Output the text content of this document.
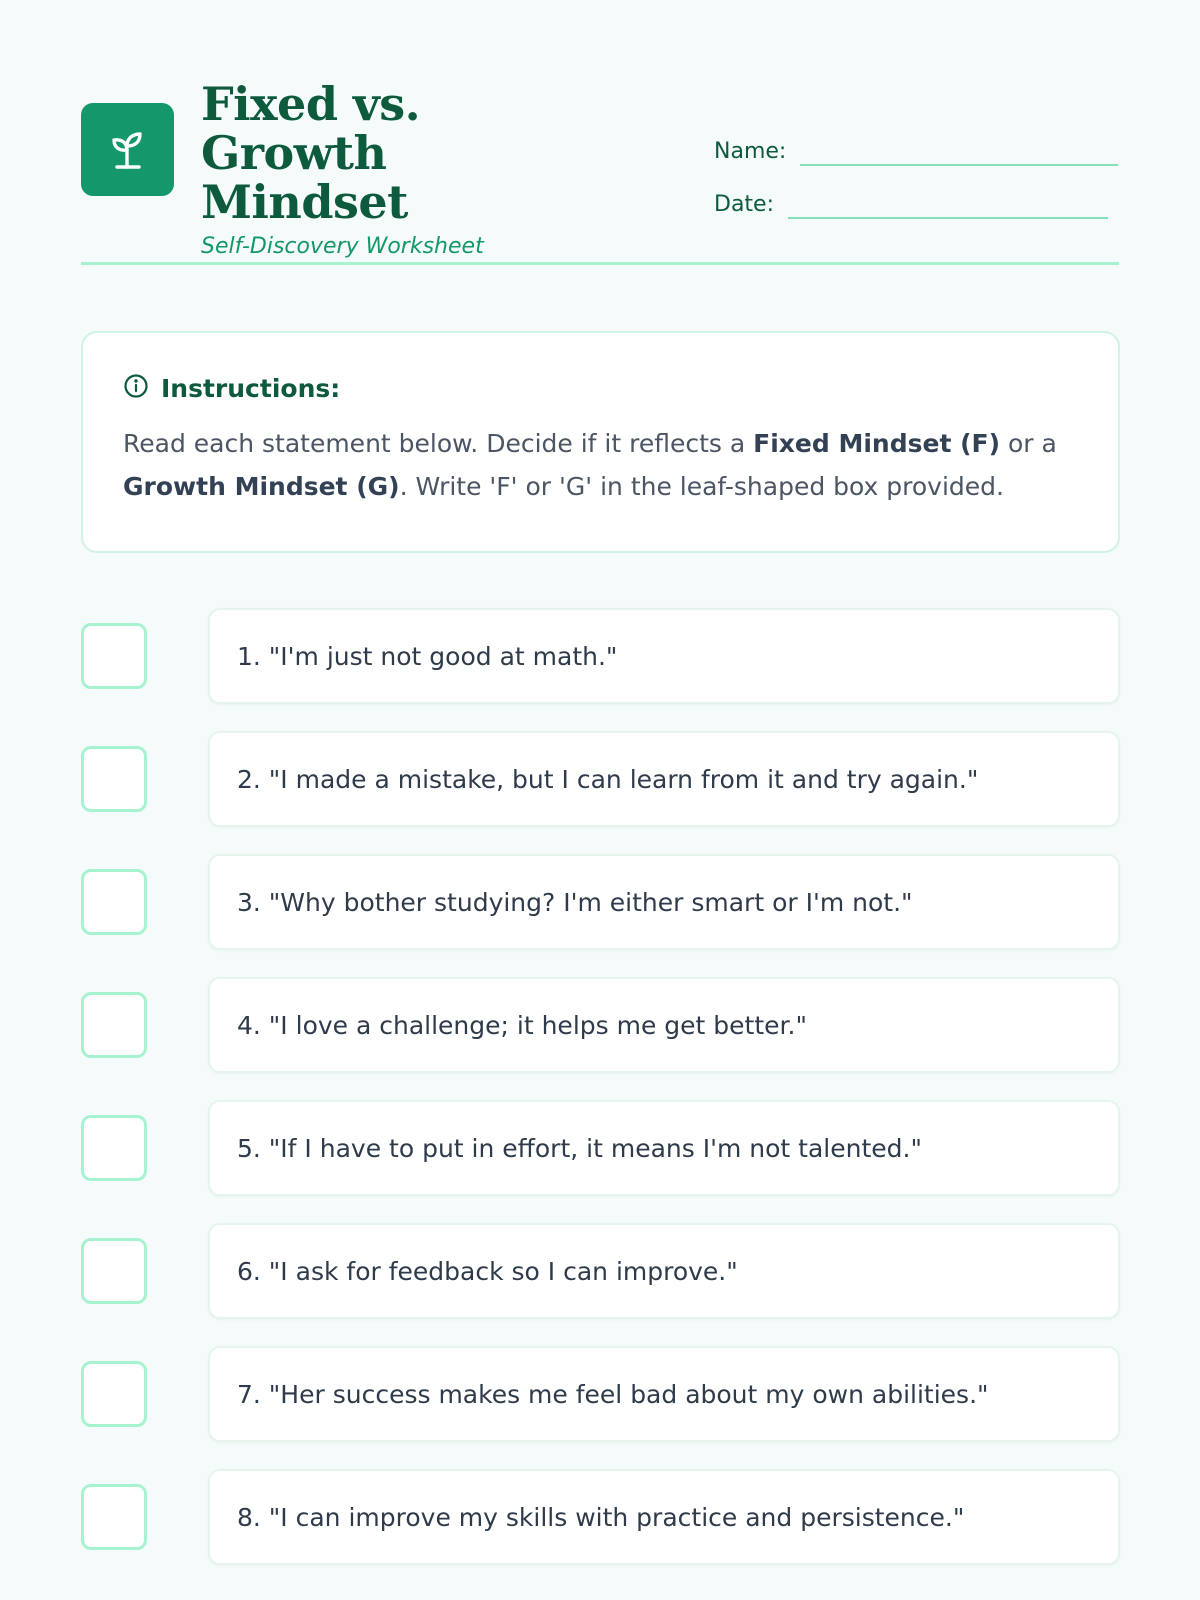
Fixed vs. Growth
Mindset
Self-Discovery Worksheet
Name:
Date:
Instructions:

Read each statement below. Decide if it reflects a Fixed Mindset (F) or a
Growth Mindset (G). Write 'F' or 'G' in the leaf-shaped box provided.

1. "I'm just not good at math."
2. "I made a mistake, but I can learn from it and try again."
3. "Why bother studying? I'm either smart or I'm not."
4. "I love a challenge; it helps me get better."
5. "If I have to put in effort, it means I'm not talented."
6. "I ask for feedback so I can improve."
7. "Her success makes me feel bad about my own abilities."
8. "I can improve my skills with practice and persistence."
